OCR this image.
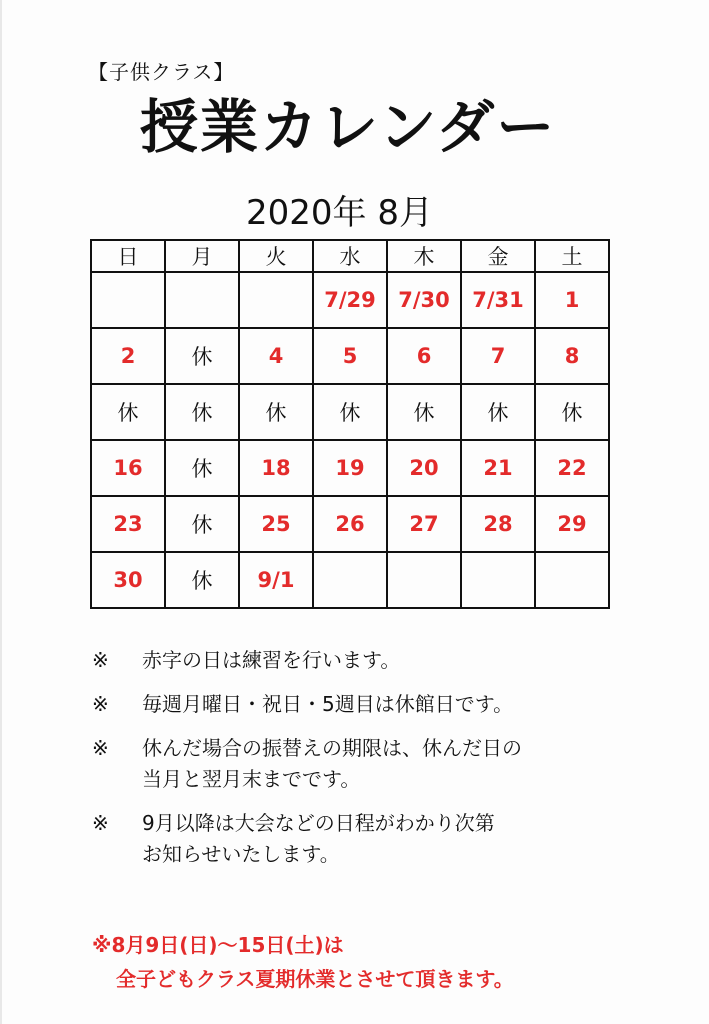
【子供クラス】
授業カレンダー
2020年 8月
日	月	火	水	木	金	土
			7/29	7/30	7/31	1
2	休	4	5	6	7	8
休	休	休	休	休	休	休
16	休	18	19	20	21	22
23	休	25	26	27	28	29
30	休	9/1				
※	赤字の日は練習を行います。
※	毎週月曜日・祝日・5週目は休館日です。
※	休んだ場合の振替えの期限は、休んだ日の
当月と翌月末までです。
※	9月以降は大会などの日程がわかり次第
お知らせいたします。
※8月9日(日)～15日(土)は
全子どもクラス夏期休業とさせて頂きます。
